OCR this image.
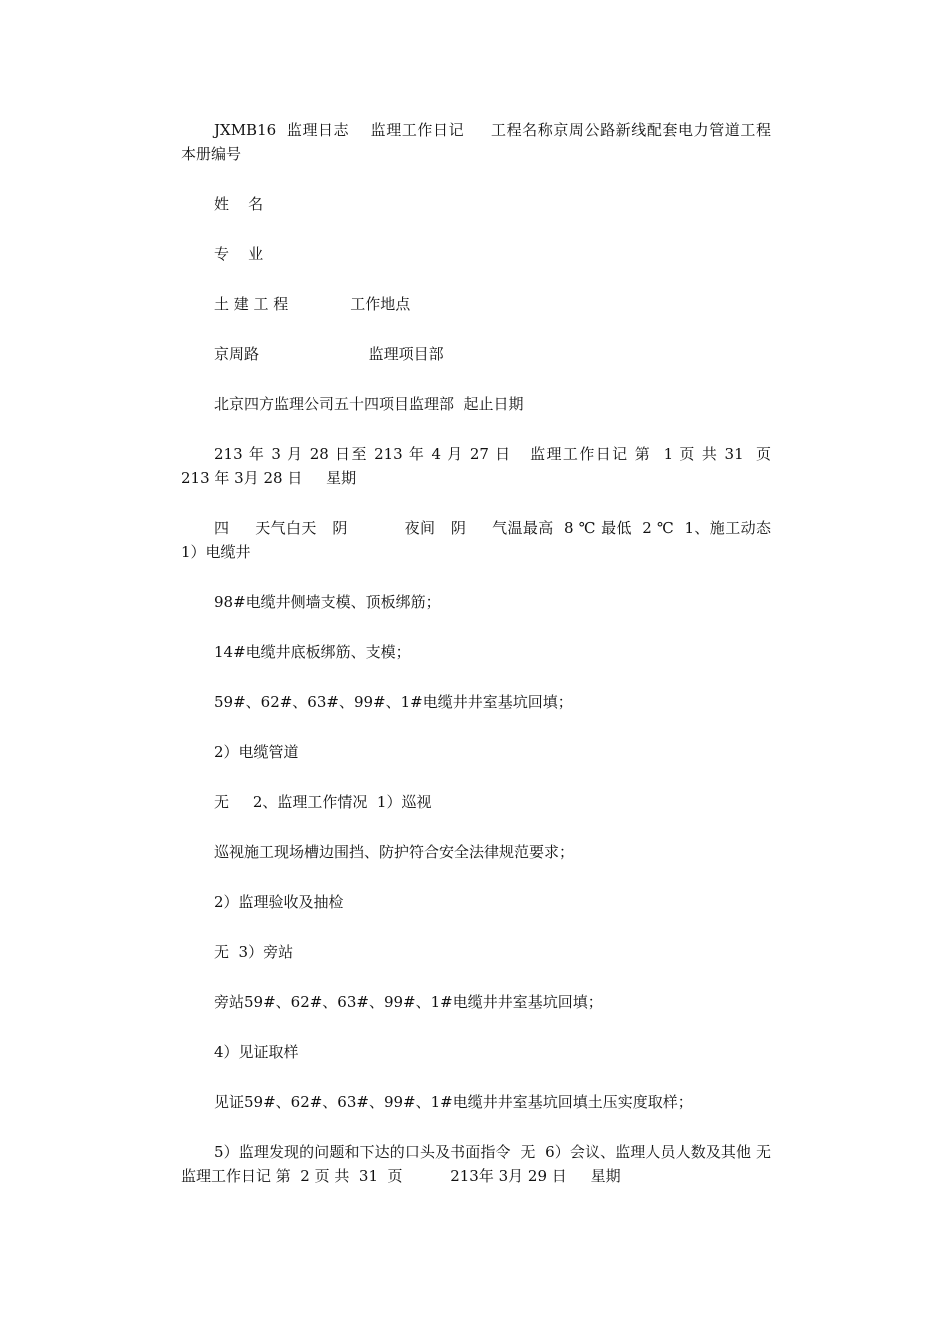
JXMB16  监理日志    监理工作日记     工程名称京周公路新线配套电力管道工程        本册编号

姓    名

专    业

土 建 工 程             工作地点

京周路                       监理项目部

北京四方监理公司五十四项目监理部  起止日期

213 年 3 月 28 日至 213 年 4 月 27 日   监理工作日记 第  1 页 共 31  页           213 年 3月 28 日     星期

四     天气白天   阴           夜间   阴     气温最高  8 ℃ 最低  2 ℃  1、施工动态  1）电缆井

98#电缆井侧墙支模、顶板绑筋；

14#电缆井底板绑筋、支模；

59#、62#、63#、99#、1#电缆井井室基坑回填；

2）电缆管道

无     2、监理工作情况  1）巡视

巡视施工现场槽边围挡、防护符合安全法律规范要求；

2）监理验收及抽检

无  3）旁站

旁站59#、62#、63#、99#、1#电缆井井室基坑回填；

4）见证取样

见证59#、62#、63#、99#、1#电缆井井室基坑回填土压实度取样；

5）监理发现的问题和下达的口头及书面指令  无  6）会议、监理人员人数及其他 无  监理工作日记 第  2 页 共  31  页          213年 3月 29 日     星期
